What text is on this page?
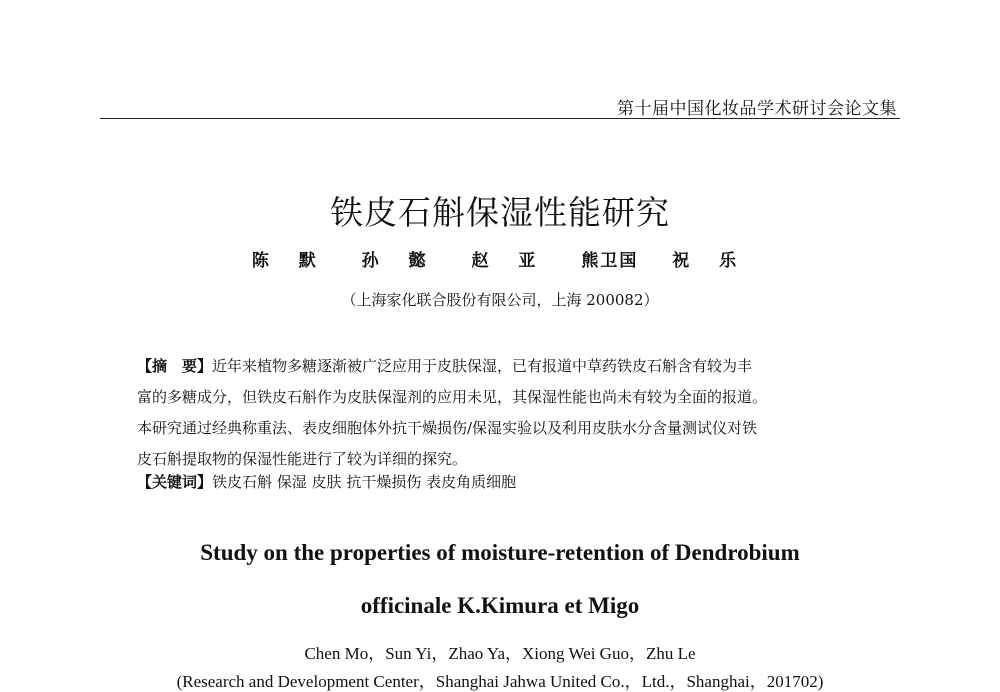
第十届中国化妆品学术研讨会论文集
铁皮石斛保湿性能研究
陈 默 孙 懿 赵 亚 熊卫国 祝 乐
（上海家化联合股份有限公司，上海 200082）
【摘　要】近年来植物多糖逐渐被广泛应用于皮肤保湿，已有报道中草药铁皮石斛含有较为丰
富的多糖成分，但铁皮石斛作为皮肤保湿剂的应用未见，其保湿性能也尚未有较为全面的报道。
本研究通过经典称重法、表皮细胞体外抗干燥损伤/保湿实验以及利用皮肤水分含量测试仪对铁
皮石斛提取物的保湿性能进行了较为详细的探究。
【关键词】铁皮石斛 保湿 皮肤 抗干燥损伤 表皮角质细胞
Study on the properties of moisture-retention of Dendrobium
officinale K.Kimura et Migo
Chen Mo，Sun Yi，Zhao Ya，Xiong Wei Guo，Zhu Le
(Research and Development Center，Shanghai Jahwa United Co.，Ltd.，Shanghai，201702)
